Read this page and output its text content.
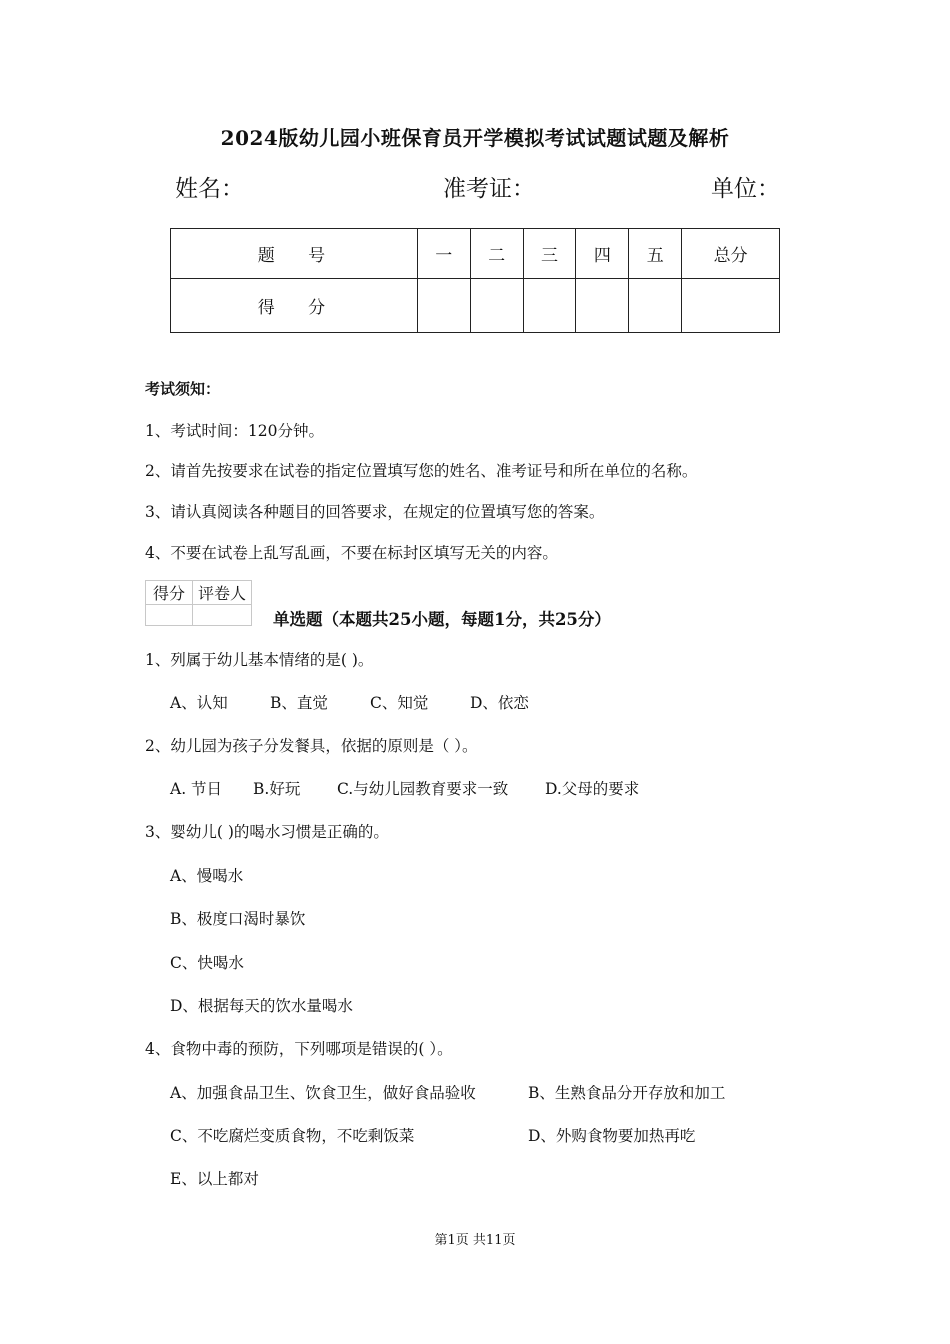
2024版幼儿园小班保育员开学模拟考试试题试题及解析
姓名：	准考证：	单位：
题 号	一	二	三	四	五	总分
得 分						
考试须知：
1、考试时间：120分钟。
2、请首先按要求在试卷的指定位置填写您的姓名、准考证号和所在单位的名称。
3、请认真阅读各种题目的回答要求，在规定的位置填写您的答案。
4、不要在试卷上乱写乱画，不要在标封区填写无关的内容。
得分	评卷人

单选题（本题共25小题，每题1分，共25分）
1、列属于幼儿基本情绪的是( )。
A、认知	B、直觉	C、知觉	D、依恋
2、幼儿园为孩子分发餐具，依据的原则是（ ）。
A. 节日 B.好玩 C.与幼儿园教育要求一致 D.父母的要求
3、婴幼儿( )的喝水习惯是正确的。
A、慢喝水
B、极度口渴时暴饮
C、快喝水
D、根据每天的饮水量喝水
4、食物中毒的预防，下列哪项是错误的( ）。
A、加强食品卫生、饮食卫生，做好食品验收	B、生熟食品分开存放和加工
C、不吃腐烂变质食物，不吃剩饭菜	D、外购食物要加热再吃
E、以上都对
第1页 共11页
